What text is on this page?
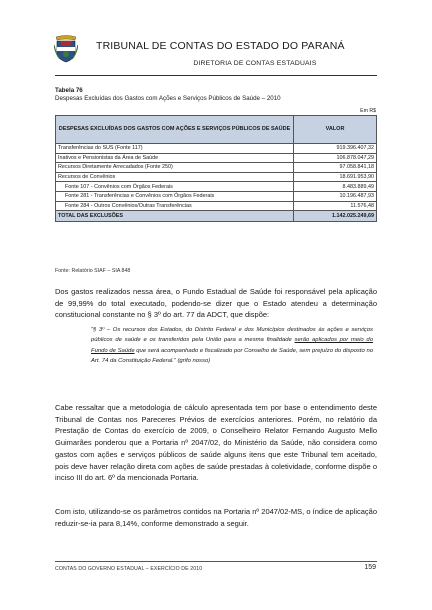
TRIBUNAL DE CONTAS DO ESTADO DO PARANÁ
DIRETORIA DE CONTAS ESTADUAIS
Tabela 76
Despesas Excluídas dos Gastos com Ações e Serviços Públicos de Saúde – 2010
Em R$
DESPESAS EXCLUÍDAS DOS GASTOS COM AÇÕES E SERVIÇOS PÚBLICOS DE SAÚDE	VALOR
Transferências do SUS (Fonte 117)	919.396.407,32
Inativos e Pensionistas da Área de Saúde	106.878.047,29
Recursos Diretamente Arrecadados (Fonte 250)	97.058.841,18
Recursos de Convênios	18.691.953,90
Fonte 107 - Convênios com Órgãos Federais	8.483.889,49
Fonte 281 - Transferências e Convênios com Órgãos Federais	10.196.487,93
Fonte 284 - Outros Convênios/Outras Transferências	11.576,48
TOTAL DAS EXCLUSÕES	1.142.025.249,69
Fonte: Relatório SIAF – SIA 848
Dos gastos realizados nessa área, o Fundo Estadual de Saúde foi responsável pela aplicação de 99,99% do total executado, podendo-se dizer que o Estado atendeu a determinação constitucional constante no § 3º do art. 77 da ADCT, que dispõe:
“§ 3º – Os recursos dos Estados, do Distrito Federal e dos Municípios destinados às ações e serviços públicos de saúde e os transferidos pela União para a mesma finalidade serão aplicados por meio do Fundo de Saúde que será acompanhado e fiscalizado por Conselho de Saúde, sem prejuízo do disposto no Art. 74 da Constituição Federal.” (grifo nosso)
Cabe ressaltar que a metodologia de cálculo apresentada tem por base o entendimento deste Tribunal de Contas nos Pareceres Prévios de exercícios anteriores. Porém, no relatório da Prestação de Contas do exercício de 2009, o Conselheiro Relator Fernando Augusto Mello Guimarães ponderou que a Portaria nº 2047/02, do Ministério da Saúde, não considera como gastos com ações e serviços públicos de saúde alguns itens que este Tribunal tem aceitado, pois deve haver relação direta com ações de saúde prestadas à coletividade, conforme dispõe o inciso III do art. 6º da mencionada Portaria.
Com isto, utilizando-se os parâmetros contidos na Portaria nº 2047/02-MS, o índice de aplicação reduzir-se-ia para 8,14%, conforme demonstrado a seguir.
CONTAS DO GOVERNO ESTADUAL – EXERCÍCIO DE 2010	159
